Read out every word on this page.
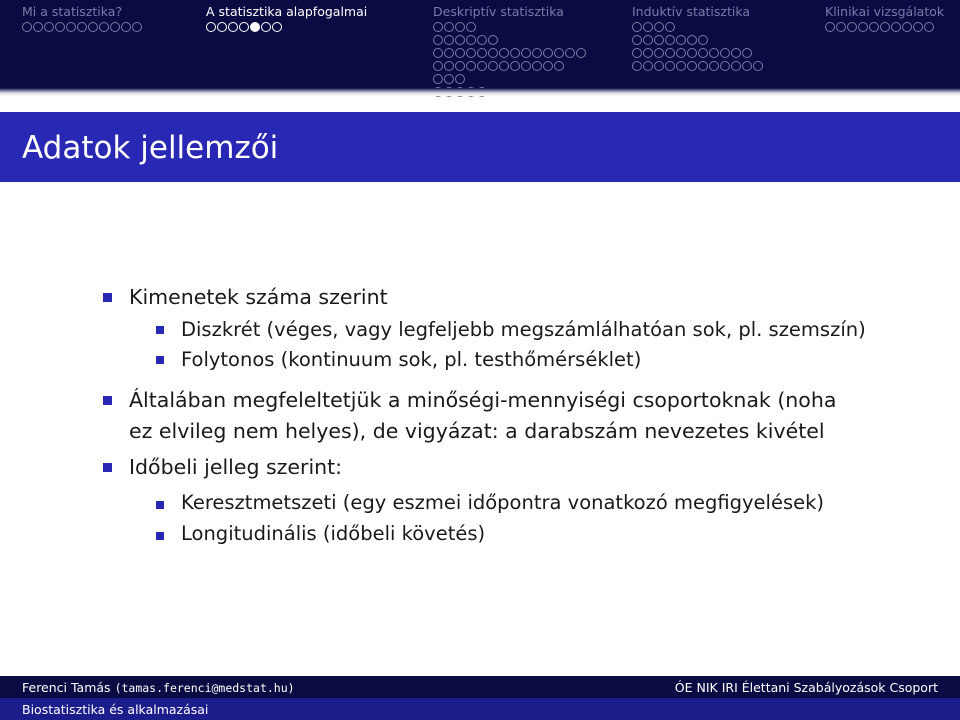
Mi a statisztika?	A statisztika alapfogalmai	Deskriptív statisztika	Induktív statisztika	Klinikai vizsgálatok
Adatok jellemzői
Kimenetek száma szerint
Diszkrét (véges, vagy legfeljebb megszámlálhatóan sok, pl. szemszín)
Folytonos (kontinuum sok, pl. testhőmérséklet)
Általában megfeleltetjük a minőségi-mennyiségi csoportoknak (noha
ez elvileg nem helyes), de vigyázat: a darabszám nevezetes kivétel
Időbeli jelleg szerint:
Keresztmetszeti (egy eszmei időpontra vonatkozó megfigyelések)
Longitudinális (időbeli követés)
Ferenci Tamás (tamas.ferenci@medstat.hu)	ÓE NIK IRI Élettani Szabályozások Csoport
Biostatisztika és alkalmazásai
